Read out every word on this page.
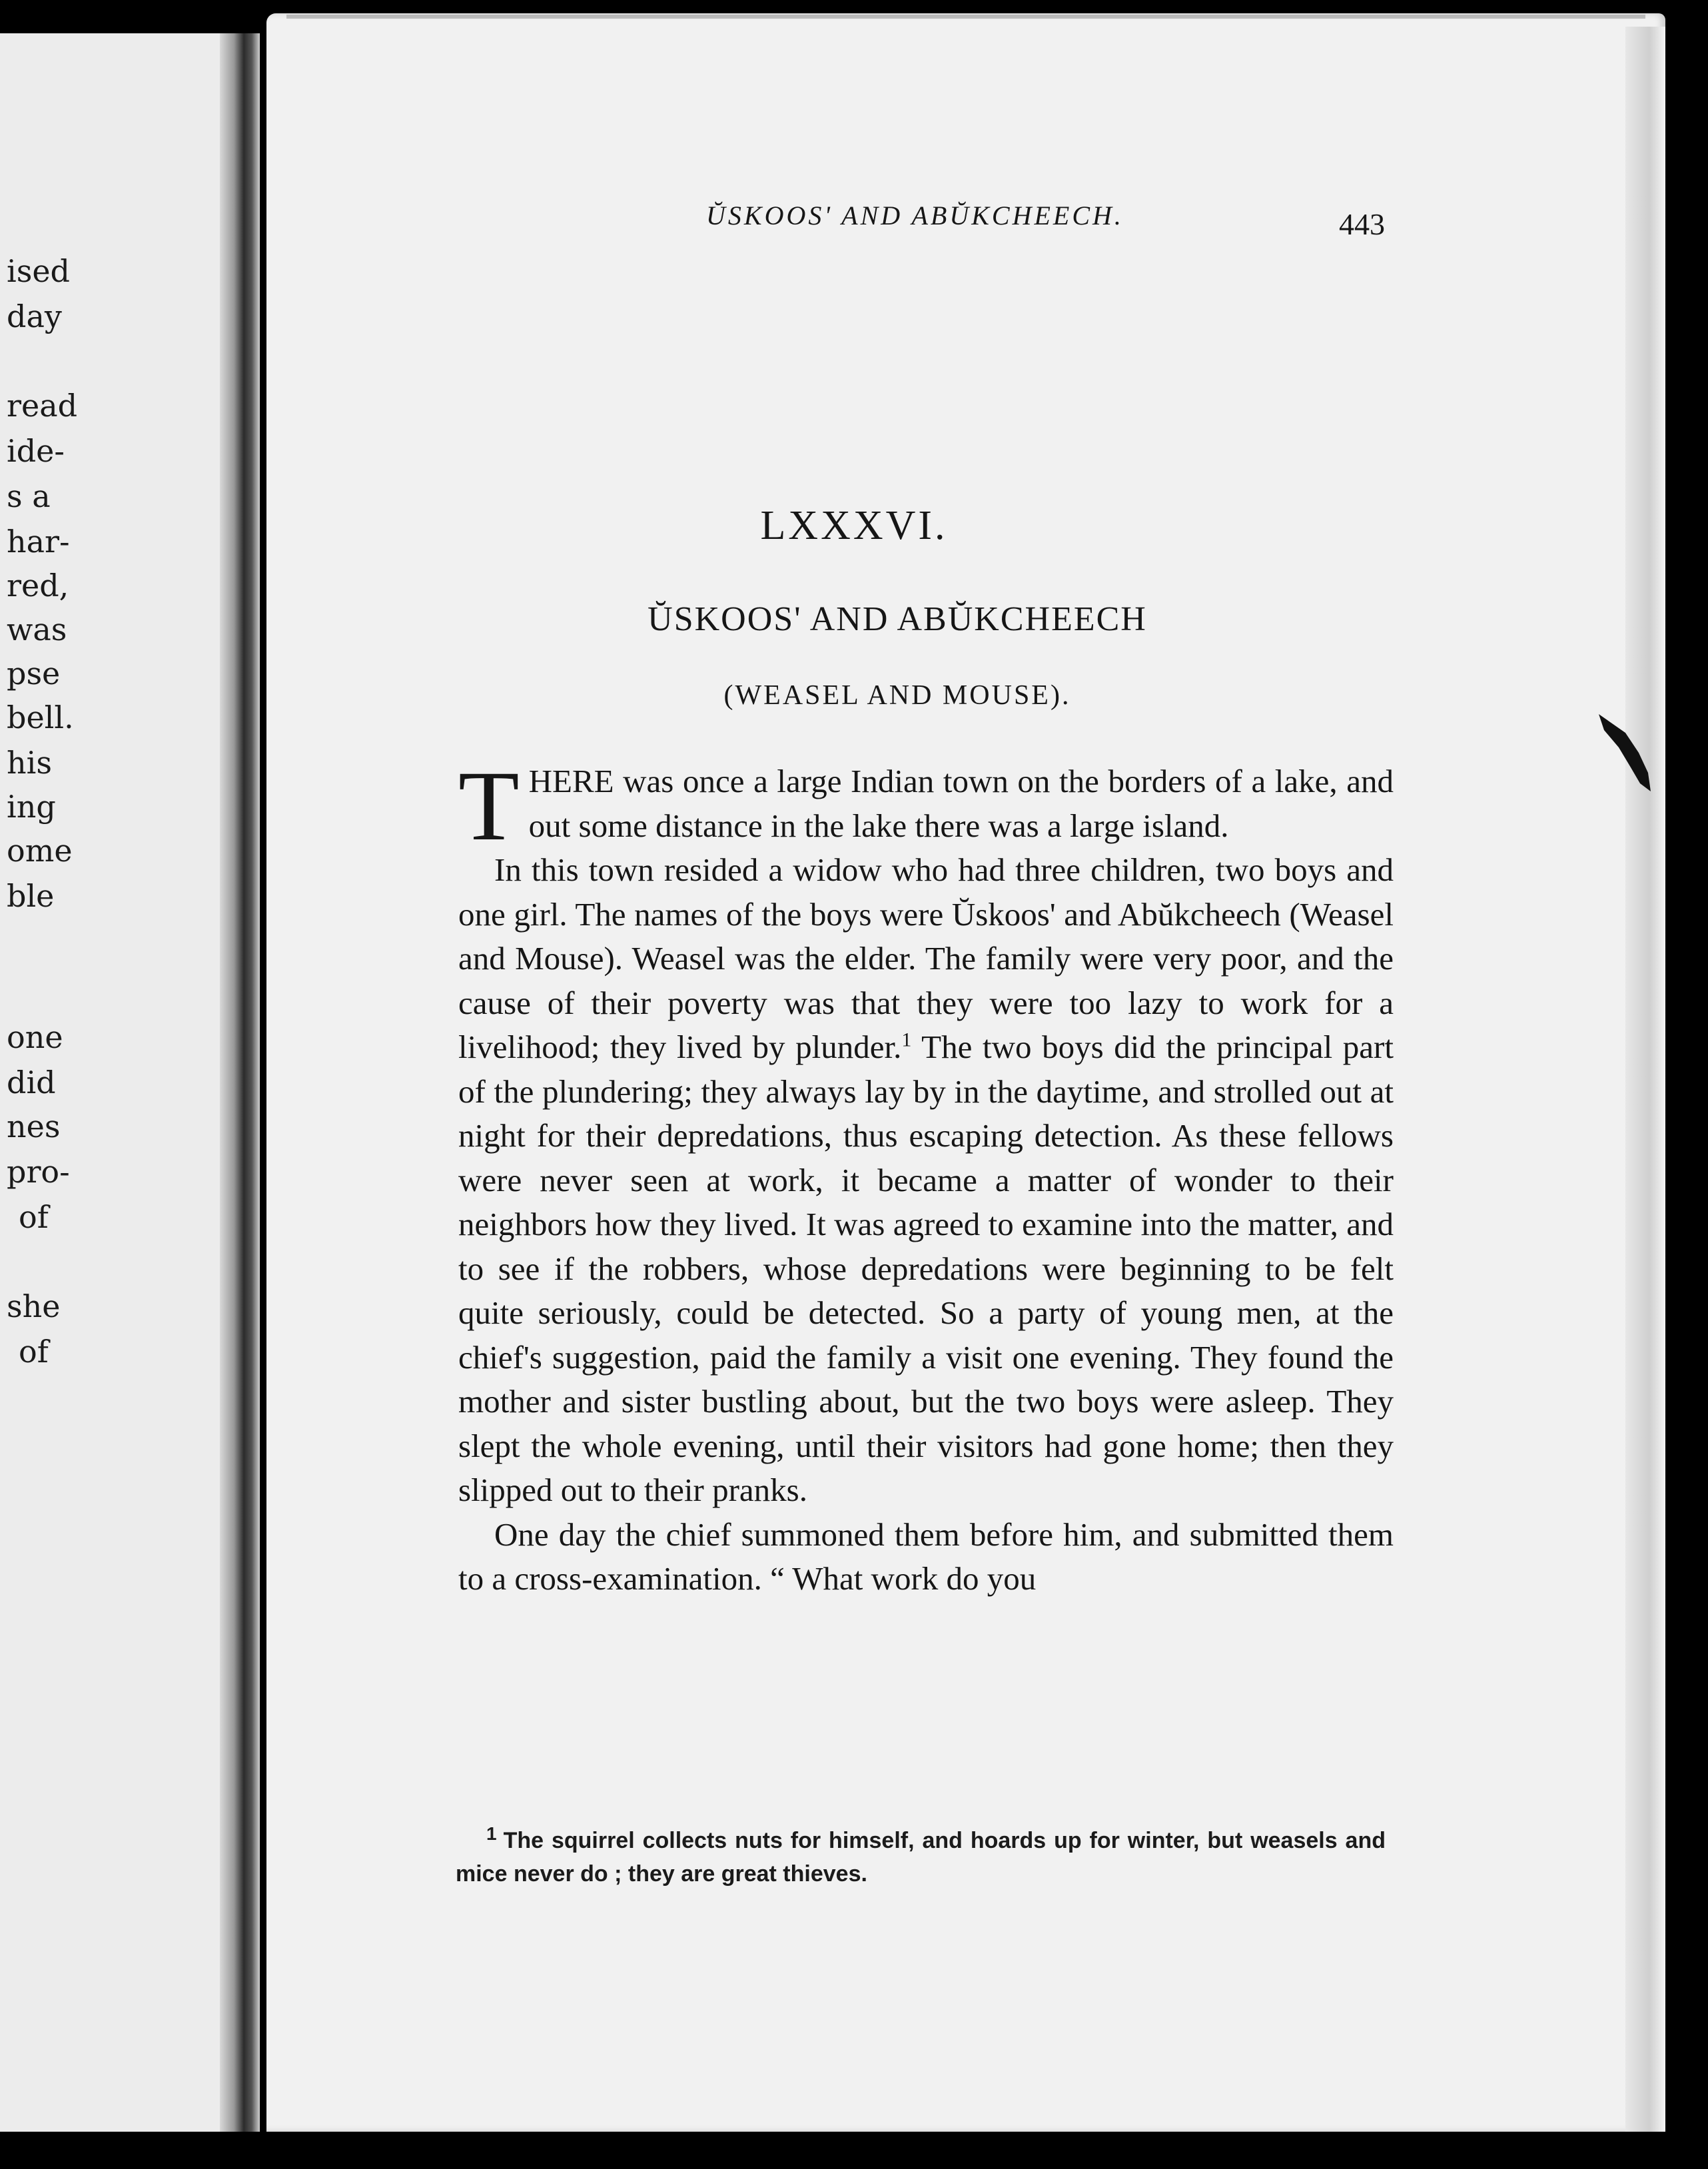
ised
day
read
ide-
s a
har-
red,
was
pse
bell.
his
ing
ome
ble
one
did
nes
pro-
of
she
of
ŬSKOOS' AND ABŬKCHEECH.	443
LXXXVI.
ŬSKOOS' AND ABŬKCHEECH
(WEASEL AND MOUSE).

THERE was once a large Indian town on the borders of a lake, and out some distance in the lake there was a large island.

In this town resided a widow who had three children, two boys and one girl. The names of the boys were Ŭskoos' and Abŭkcheech (Weasel and Mouse). Weasel was the elder. The family were very poor, and the cause of their poverty was that they were too lazy to work for a livelihood; they lived by plunder.$^1$ The two boys did the principal part of the plundering; they always lay by in the daytime, and strolled out at night for their depredations, thus escaping detection. As these fellows were never seen at work, it became a matter of wonder to their neighbors how they lived. It was agreed to examine into the matter, and to see if the robbers, whose depredations were beginning to be felt quite seriously, could be detected. So a party of young men, at the chief's suggestion, paid the family a visit one evening. They found the mother and sister bustling about, but the two boys were asleep. They slept the whole evening, until their visitors had gone home; then they slipped out to their pranks.

One day the chief summoned them before him, and submitted them to a cross-examination. “ What work do you

$^1$ The squirrel collects nuts for himself, and hoards up for winter, but weasels and mice never do ; they are great thieves.
